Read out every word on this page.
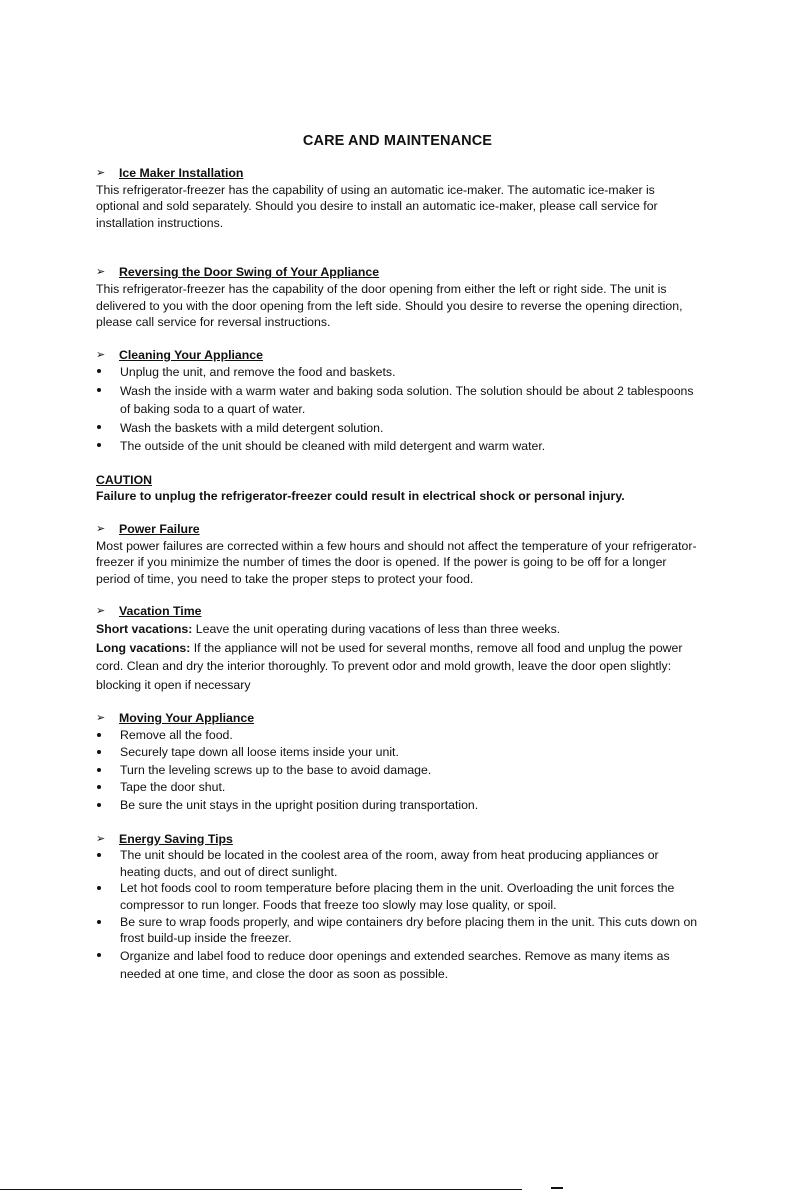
CARE AND MAINTENANCE
➢	Ice Maker Installation

This refrigerator-freezer has the capability of using an automatic ice-maker. The automatic ice-maker is optional and sold separately. Should you desire to install an automatic ice-maker, please call service for installation instructions.

➢	Reversing the Door Swing of Your Appliance

This refrigerator-freezer has the capability of the door opening from either the left or right side. The unit is delivered to you with the door opening from the left side. Should you desire to reverse the opening direction, please call service for reversal instructions.

➢	Cleaning Your Appliance
Unplug the unit, and remove the food and baskets.
Wash the inside with a warm water and baking soda solution. The solution should be about 2 tablespoons of baking soda to a quart of water.
Wash the baskets with a mild detergent solution.
The outside of the unit should be cleaned with mild detergent and warm water.
CAUTION

Failure to unplug the refrigerator-freezer could result in electrical shock or personal injury.

➢	Power Failure

Most power failures are corrected within a few hours and should not affect the temperature of your refrigerator-freezer if you minimize the number of times the door is opened. If the power is going to be off for a longer period of time, you need to take the proper steps to protect your food.

➢	Vacation Time

Short vacations: Leave the unit operating during vacations of less than three weeks.

Long vacations: If the appliance will not be used for several months, remove all food and unplug the power cord. Clean and dry the interior thoroughly. To prevent odor and mold growth, leave the door open slightly: blocking it open if necessary

➢	Moving Your Appliance
Remove all the food.
Securely tape down all loose items inside your unit.
Turn the leveling screws up to the base to avoid damage.
Tape the door shut.
Be sure the unit stays in the upright position during transportation.
➢	Energy Saving Tips
The unit should be located in the coolest area of the room, away from heat producing appliances or heating ducts, and out of direct sunlight.
Let hot foods cool to room temperature before placing them in the unit. Overloading the unit forces the compressor to run longer. Foods that freeze too slowly may lose quality, or spoil.
Be sure to wrap foods properly, and wipe containers dry before placing them in the unit. This cuts down on frost build-up inside the freezer.
Organize and label food to reduce door openings and extended searches. Remove as many items as needed at one time, and close the door as soon as possible.
